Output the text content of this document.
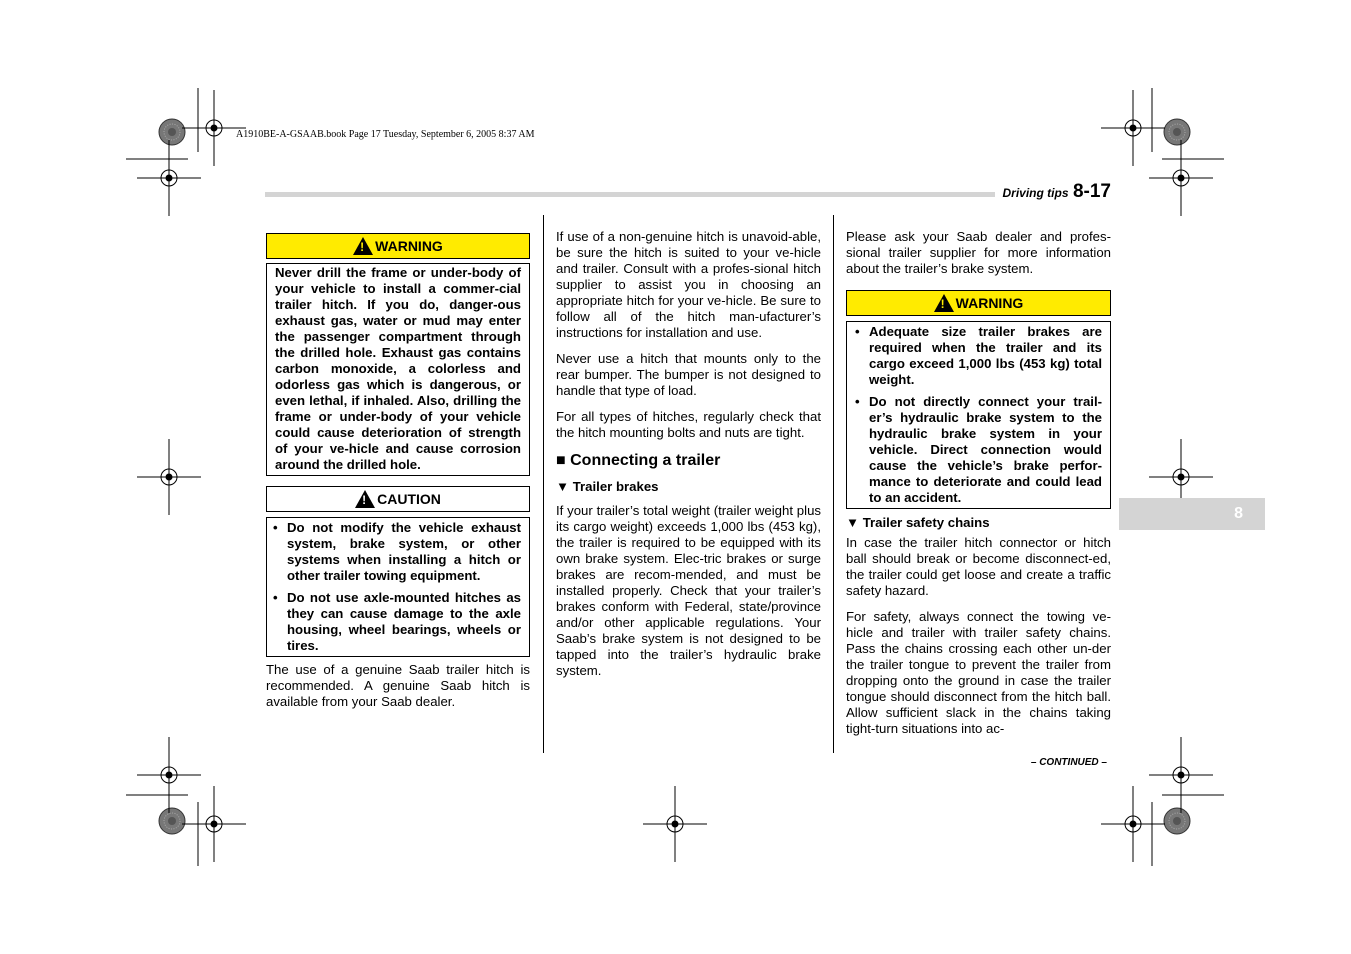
A1910BE-A-GSAAB.book Page 17 Tuesday, September 6, 2005 8:37 AM
Driving tips 8-17
!
WARNING

Never drill the frame or under-body of your vehicle to install a commer-cial trailer hitch. If you do, danger-ous exhaust gas, water or mud may enter the passenger compartment through the drilled hole. Exhaust gas contains carbon monoxide, a colorless and odorless gas which is dangerous, or even lethal, if inhaled. Also, drilling the frame or under-body of your vehicle could cause deterioration of strength of your ve-hicle and cause corrosion around the drilled hole.

!
CAUTION
• Do not modify the vehicle exhaust system, brake system, or other systems when installing a hitch or other trailer towing equipment.
• Do not use axle-mounted hitches as they can cause damage to the axle housing, wheel bearings, wheels or tires.

The use of a genuine Saab trailer hitch is recommended. A genuine Saab hitch is available from your Saab dealer.

If use of a non-genuine hitch is unavoid-able, be sure the hitch is suited to your ve-hicle and trailer. Consult with a profes-sional hitch supplier to assist you in choosing an appropriate hitch for your ve-hicle. Be sure to follow all of the hitch man-ufacturer’s instructions for installation and use.

Never use a hitch that mounts only to the rear bumper. The bumper is not designed to handle that type of load.

For all types of hitches, regularly check that the hitch mounting bolts and nuts are tight.

■ Connecting a trailer
▼ Trailer brakes

If your trailer’s total weight (trailer weight plus its cargo weight) exceeds 1,000 lbs (453 kg), the trailer is required to be equipped with its own brake system. Elec-tric brakes or surge brakes are recom-mended, and must be installed properly. Check that your trailer’s brakes conform with Federal, state/province and/or other applicable regulations. Your Saab’s brake system is not designed to be tapped into the trailer’s hydraulic brake system.

Please ask your Saab dealer and profes-sional trailer supplier for more information about the trailer’s brake system.

!
WARNING
• Adequate size trailer brakes are required when the trailer and its cargo exceed 1,000 lbs (453 kg) total weight.
• Do not directly connect your trail-er’s hydraulic brake system to the hydraulic brake system in your vehicle. Direct connection would cause the vehicle’s brake perfor-mance to deteriorate and could lead to an accident.
▼ Trailer safety chains

In case the trailer hitch connector or hitch ball should break or become disconnect-ed, the trailer could get loose and create a traffic safety hazard.

For safety, always connect the towing ve-hicle and trailer with trailer safety chains. Pass the chains crossing each other un-der the trailer tongue to prevent the trailer from dropping onto the ground in case the trailer tongue should disconnect from the hitch ball. Allow sufficient slack in the chains taking tight-turn situations into ac-

8
– CONTINUED –
